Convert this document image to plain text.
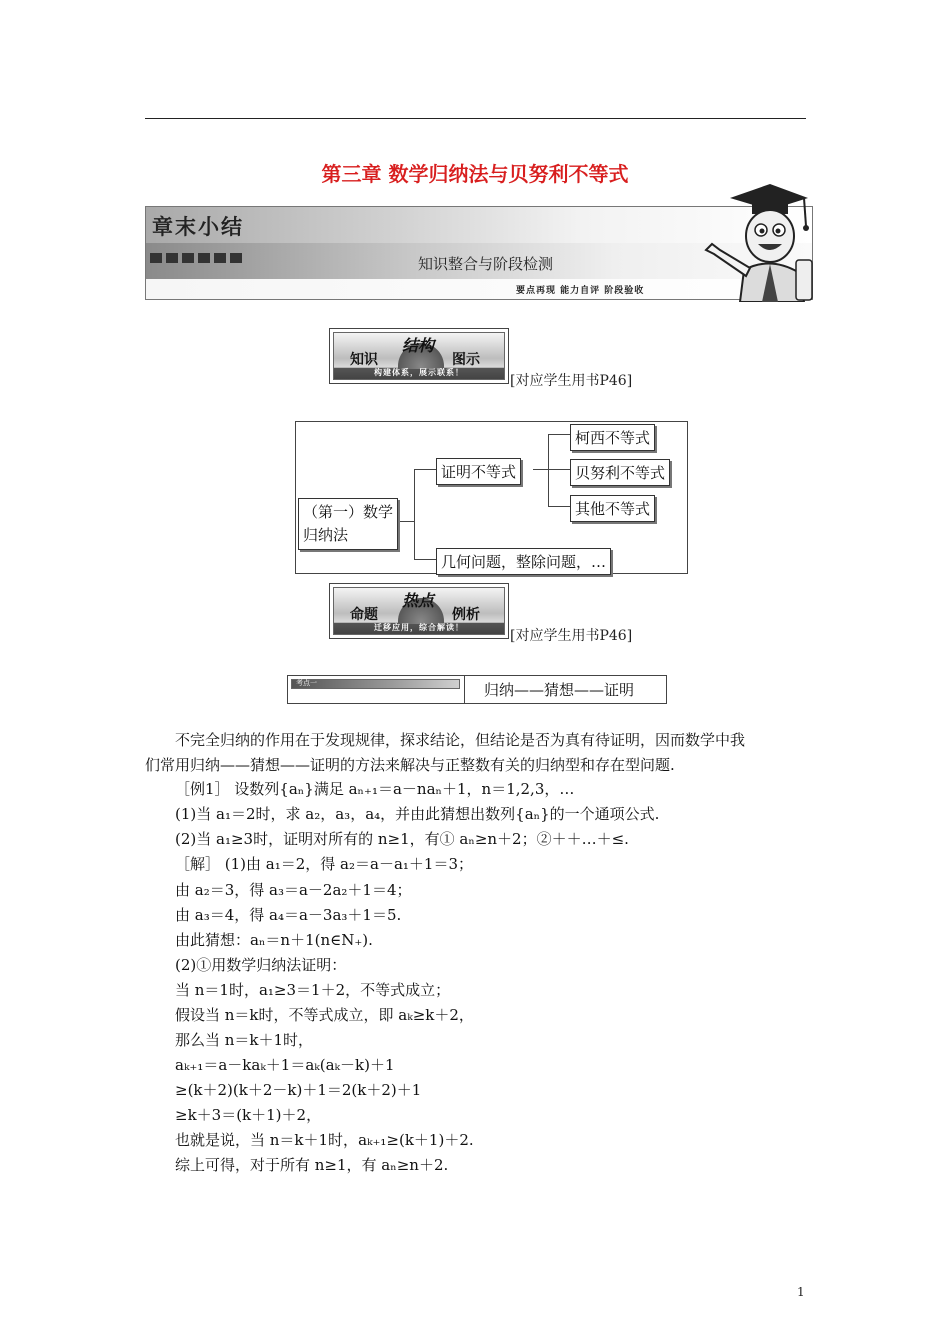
第三章 数学归纳法与贝努利不等式
章末小结
知识整合与阶段检测
要点再现 能力自评 阶段验收
知识
结构
图示
构建体系，展示联系！
[对应学生用书P46]
（第一）数学
归纳法
证明不等式
柯西不等式
贝努利不等式
其他不等式
几何问题，整除问题，…
命题
热点
例析
迁移应用，综合解读！
[对应学生用书P46]
考点一	归纳——猜想——证明
不完全归纳的作用在于发现规律，探求结论，但结论是否为真有待证明，因而数学中我
们常用归纳——猜想——证明的方法来解决与正整数有关的归纳型和存在型问题.
［例1］ 设数列{aₙ}满足 aₙ₊₁＝a－naₙ＋1，n＝1,2,3，…
(1)当 a₁＝2时，求 a₂，a₃，a₄，并由此猜想出数列{aₙ}的一个通项公式.
(2)当 a₁≥3时，证明对所有的 n≥1，有① aₙ≥n＋2；②＋＋…＋≤.
［解］ (1)由 a₁＝2，得 a₂＝a－a₁＋1＝3；
由 a₂＝3，得 a₃＝a－2a₂＋1＝4；
由 a₃＝4，得 a₄＝a－3a₃＋1＝5.
由此猜想：aₙ＝n＋1(n∈N₊).
(2)①用数学归纳法证明：
当 n＝1时，a₁≥3＝1＋2，不等式成立；
假设当 n＝k时，不等式成立，即 aₖ≥k＋2，
那么当 n＝k＋1时，
aₖ₊₁＝a－kaₖ＋1＝aₖ(aₖ－k)＋1
≥(k＋2)(k＋2－k)＋1＝2(k＋2)＋1
≥k＋3＝(k＋1)＋2，
也就是说，当 n＝k＋1时，aₖ₊₁≥(k＋1)＋2.
综上可得，对于所有 n≥1，有 aₙ≥n＋2.
1
